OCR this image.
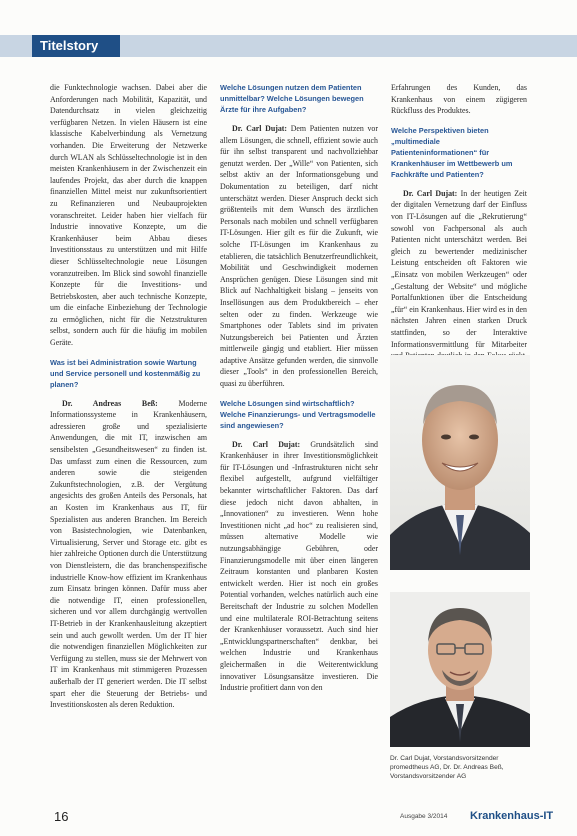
Titelstory

die Funktechnologie wachsen. Dabei aber die Anforderungen nach Mobilität, Kapazität, und Datendurchsatz in vielen gleichzeitig verfügbaren Netzen. In vielen Häusern ist eine klassische Kabelverbindung als Vernetzung vorhanden. Die Erweiterung der Netzwerke durch WLAN als Schlüsseltechnologie ist in den meisten Krankenhäusern in der Zwischenzeit ein laufendes Projekt, das aber durch die knappen finanziellen Mittel meist nur zukunftsorientiert zu Refinanzieren und Neubauprojekten voranschreitet. Leider haben hier vielfach für Industrie innovative Konzepte, um die Krankenhäuser beim Abbau dieses Investitionsstaus zu unterstützen und mit Hilfe dieser Schlüsseltechnologie neue Lösungen voranzutreiben. Im Blick sind sowohl finanzielle Konzepte für die Investitions- und Betriebskosten, aber auch technische Konzepte, um die einfache Einbeziehung der Technologie zu ermöglichen, nicht für die Netzstrukturen selbst, sondern auch für die häufig im mobilen Geräte.

Was ist bei Administration sowie Wartung und Service personell und kostenmäßig zu planen?

Dr. Andreas Beß:	Moderne Informationssysteme in Krankenhäusern, adressieren große und spezialisierte Anwendungen, die mit IT, inzwischen am sensibelsten „Gesundheitswesen“ zu finden ist. Das umfasst zum einen die Ressourcen, zum anderen sowie die steigenden Zukunftstechnologien, z.B. der Vergütung angesichts des großen Anteils des Personals, hat an Kosten im Krankenhaus aus IT, für Spezialisten aus anderen Branchen. Im Bereich von Basistechnologien, wie Datenbanken, Virtualisierung, Server und Storage etc. gibt es hier zahlreiche Optionen durch die Unterstützung von Dienstleistern, die das branchenspezifische industrielle Know-how effizient im Krankenhaus zum Einsatz bringen können. Dafür muss aber die notwendige IT, einen professionellen, sicheren und vor allem durchgängig wertvollen IT-Betrieb in der Krankenhausleitung akzeptiert sein und auch gewollt werden. Um der IT hier die notwendigen finanziellen Möglichkeiten zur Verfügung zu stellen, muss sie der Mehrwert von IT im Krankenhaus mit stimmigeren Prozessen außerhalb der IT generiert werden. Die IT selbst spart eher die Steuerung der Betriebs- und Investitionskosten als deren Reduktion.

Welche Lösungen nutzen dem Patienten unmittelbar? Welche Lösungen bewegen Ärzte für ihre Aufgaben?

Dr. Carl Dujat: Dem Patienten nutzen vor allem Lösungen, die schnell, effizient sowie auch für ihn selbst transparent und nachvollziehbar genutzt werden. Der „Wille“ von Patienten, sich selbst aktiv an der Informationsgebung und Dokumentation zu beteiligen, darf nicht unterschätzt werden. Dieser Anspruch deckt sich größtenteils mit dem Wunsch des ärztlichen Personals nach mobilen und schnell verfügbaren IT-Lösungen. Hier gilt es für die Zukunft, wie solche IT-Lösungen im Krankenhaus zu etablieren, die tatsächlich Benutzerfreundlichkeit, Mobilität und Geschwindigkeit modernen Ansprüchen genügen. Diese Lösungen sind mit Blick auf Nachhaltigkeit bislang – jenseits von Insellösungen aus dem Produktbereich – eher selten oder zu finden. Werkzeuge wie Smartphones oder Tablets sind im privaten Nutzungsbereich bei Patienten und Ärzten mittlerweile gängig und etabliert. Hier müssen adaptive Ansätze gefunden werden, die sinnvolle dieser „Tools“ in den professionellen Bereich, quasi zu überführen.

Welche Lösungen sind wirtschaftlich? Welche Finanzierungs- und Vertragsmodelle sind angewiesen?

Dr. Carl Dujat: Grundsätzlich sind Krankenhäuser in ihrer Investitionsmöglichkeit für IT-Lösungen und -Infrastrukturen nicht sehr flexibel aufgestellt, aufgrund vielfältiger bekannter wirtschaftlicher Faktoren. Das darf diese jedoch nicht davon abhalten, in „Innovationen“ zu investieren. Wenn hohe Investitionen nicht „ad hoc“ zu realisieren sind, müssen alternative Modelle wie nutzungsabhängige Gebühren, oder Finanzierungsmodelle mit über einen längeren Zeitraum konstanten und planbaren Kosten entwickelt werden. Hier ist noch ein großes Potential vorhanden, welches natürlich auch eine Bereitschaft der Industrie zu solchen Modellen und eine multilaterale ROI-Betrachtung seitens der Krankenhäuser voraussetzt. Auch sind hier „Entwicklungspartnerschaften“ denkbar, bei welchen Industrie und Krankenhaus gleichermaßen in die Weiterentwicklung innovativer Lösungsansätze investieren. Die Industrie profitiert dann von den

Erfahrungen des Kunden, das Krankenhaus von einem zügigeren Rückfluss des Produktes.

Welche Perspektiven bieten „multimediale Patienteninformationen“ für Krankenhäuser im Wettbewerb um Fachkräfte und Patienten?

Dr. Carl Dujat: In der heutigen Zeit der digitalen Vernetzung darf der Einfluss von IT-Lösungen auf die „Rekrutierung“ sowohl von Fachpersonal als auch Patienten nicht unterschätzt werden. Bei gleich zu bewertender medizinischer Leistung entscheiden oft Faktoren wie „Einsatz von mobilen Werkzeugen“ oder „Gestaltung der Website“ und mögliche Portalfunktionen über die Entscheidung „für“ ein Krankenhaus. Hier wird es in den nächsten Jahren einen starken Druck stattfinden, so der Interaktive Informationsvermittlung für Mitarbeiter

Dr. Carl Dujat, Vorstandsvorsitzender promedtheus AG, Dr. Dr. Andreas Beß, Vorstandsvorsitzender AG
16	Ausgabe 3/2014 Krankenhaus-IT
